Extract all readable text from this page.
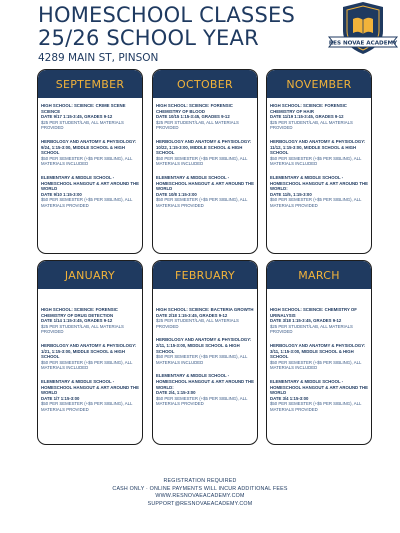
HOMESCHOOL CLASSES
25/26 SCHOOL YEAR
4289 MAIN ST, PINSON
RES NOVAE ACADEMY
SEPTEMBER
HIGH SCHOOL: SCIENCE: CRIME SCENE SCIENCE
DATE 9/17 1:15-3:45, GRADES 9-12
$25 PER STUDENT/LAB, ALL MATERIALS PROVIDED
HERBOLOGY AND ANATOMY & PHYSIOLOGY: 9/24, 1:15-3:00, MIDDLE SCHOOL & HIGH SCHOOL
$50 PER SEMESTER (+$5 PER SIBLING), ALL MATERIALS INCLUDED
ELEMENTARY & MIDDLE SCHOOL - HOMESCHOOL HANGOUT & ART AROUND THE WORLD
DATE 9/10 1:15-3:00
$50 PER SEMESTER (+$5 PER SIBLING), ALL MATERIALS PROVIDED
OCTOBER
HIGH SCHOOL: SCIENCE: FORENSIC CHEMISTRY OF BLOOD
DATE 10/15 1:15-3:45, GRADES 9-12
$25 PER STUDENT/LAB, ALL MATERIALS PROVIDED
HERBOLOGY AND ANATOMY & PHYSIOLOGY: 10/22, 1:15-3:00, MIDDLE SCHOOL & HIGH SCHOOL
$50 PER SEMESTER (+$5 PER SIBLING), ALL MATERIALS INCLUDED
ELEMENTARY & MIDDLE SCHOOL - HOMESCHOOL HANGOUT & ART AROUND THE WORLD
DATE 10/8 1:15-3:00
$50 PER SEMESTER (+$5 PER SIBLING), ALL MATERIALS PROVIDED
NOVEMBER
HIGH SCHOOL: SCIENCE: FORENSIC CHEMISTRY OF HAIR
DATE 11/19 1:15-3:45, GRADES 9-12
$25 PER STUDENT/LAB, ALL MATERIALS PROVIDED
HERBOLOGY AND ANATOMY & PHYSIOLOGY: 11/12, 1:15-3:00, MIDDLE SCHOOL & HIGH SCHOOL
$50 PER SEMESTER (+$5 PER SIBLING), ALL MATERIALS INCLUDED
ELEMENTARY & MIDDLE SCHOOL - HOMESCHOOL HANGOUT & ART AROUND THE WORLD:
DATE 11/5, 1:15-3:00
$50 PER SEMESTER (+$5 PER SIBLING), ALL MATERIALS PROVIDED
JANUARY
HIGH SCHOOL: SCIENCE: FORENSIC CHEMISTRY OF DRUG DETECTION
DATE 1/14 1:15-3:45, GRADES 9-12
$25 PER STUDENT/LAB, ALL MATERIALS PROVIDED
HERBOLOGY AND ANATOMY & PHYSIOLOGY: 1/21, 1:15-3:00, MIDDLE SCHOOL & HIGH SCHOOL
$50 PER SEMESTER (+$5 PER SIBLING), ALL MATERIALS INCLUDED
ELEMENTARY & MIDDLE SCHOOL - HOMESCHOOL HANGOUT & ART AROUND THE WORLD
DATE 1/7 1:15-3:00
$50 PER SEMESTER (+$5 PER SIBLING), ALL MATERIALS PROVIDED
FEBRUARY
HIGH SCHOOL: SCIENCE: BACTERIA GROWTH
DATE 2/18 1:15-3:45, GRADES 9-12
$25 PER STUDENT/LAB, ALL MATERIALS PROVIDED
HERBOLOGY AND ANATOMY & PHYSIOLOGY: 2/11, 1:15-3:00, MIDDLE SCHOOL & HIGH SCHOOL
$50 PER SEMESTER (+$5 PER SIBLING), ALL MATERIALS INCLUDED
ELEMENTARY & MIDDLE SCHOOL - HOMESCHOOL HANGOUT & ART AROUND THE WORLD:
DATE 2/4, 1:15-3:00
$50 PER SEMESTER (+$5 PER SIBLING), ALL MATERIALS PROVIDED
MARCH
HIGH SCHOOL: SCIENCE: CHEMISTRY OF URINALYSIS
DATE 3/18 1:15-3:45, GRADES 9-12
$25 PER STUDENT/LAB, ALL MATERIALS PROVIDED
HERBOLOGY AND ANATOMY & PHYSIOLOGY: 3/11, 1:15-3:00, MIDDLE SCHOOL & HIGH SCHOOL
$50 PER SEMESTER (+$5 PER SIBLING), ALL MATERIALS INCLUDED
ELEMENTARY & MIDDLE SCHOOL - HOMESCHOOL HANGOUT & ART AROUND THE WORLD
DATE 3/4 1:15-3:00
$50 PER SEMESTER (+$5 PER SIBLING), ALL MATERIALS PROVIDED
REGISTRATION REQUIRED
CASH ONLY · ONLINE PAYMENTS WILL INCUR ADDITIONAL FEES
WWW.RESNOVAEACADEMY.COM
SUPPORT@RESNOVAEACADEMY.COM
